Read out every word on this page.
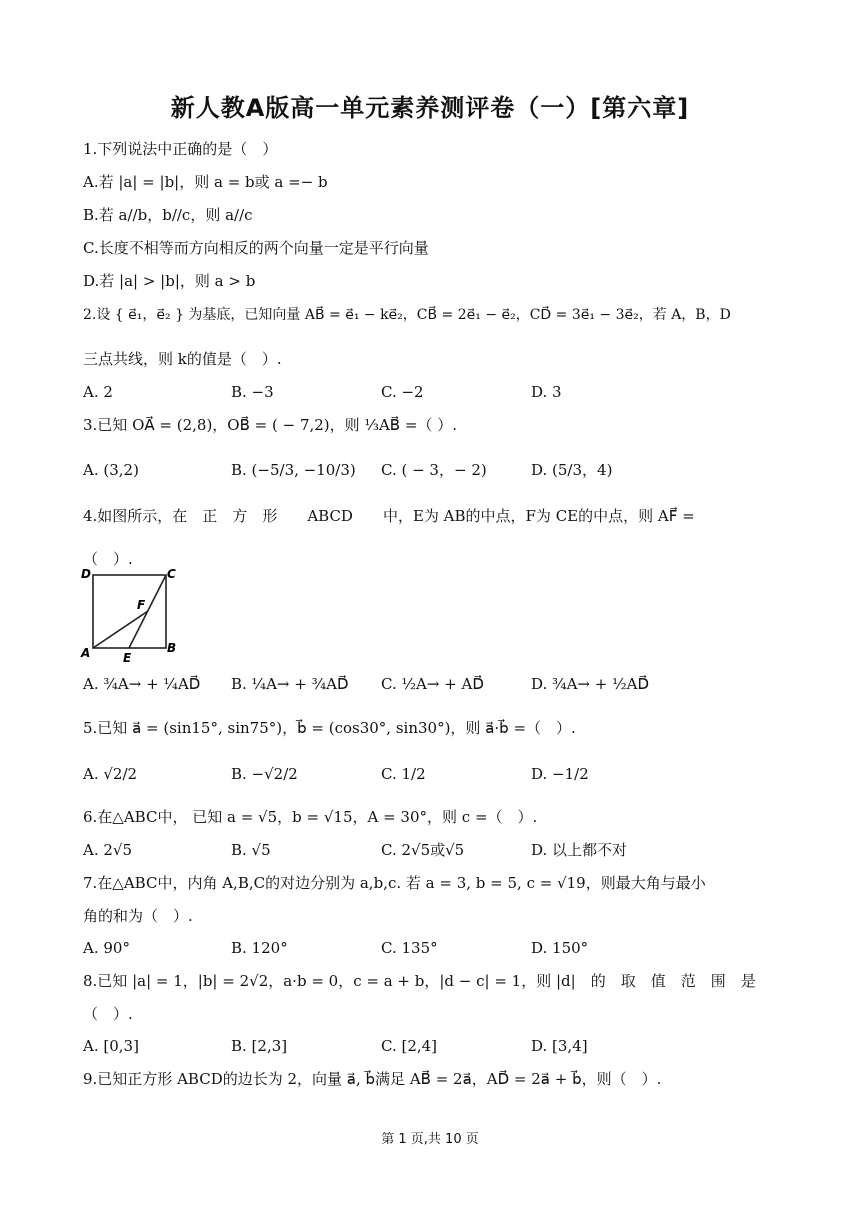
新人教A版高一单元素养测评卷（一）[第六章]
1.下列说法中正确的是（　）
A.若 |a| = |b|，则 a = b或 a =− b
B.若 a//b，b//c，则 a//c
C.长度不相等而方向相反的两个向量一定是平行向量
D.若 |a| > |b|，则 a > b
2.设 { e⃗₁，e⃗₂ } 为基底，已知向量 AB⃗ = e⃗₁ − ke⃗₂，CB⃗ = 2e⃗₁ − e⃗₂，CD⃗ = 3e⃗₁ − 3e⃗₂，若 A，B，D
三点共线，则 k的值是（　）.
A. 2	B. −3	C. −2	D. 3
3.已知 OA⃗ = (2,8)，OB⃗ = ( − 7,2)，则 ⅓AB⃗ =（ ）.
A. (3,2)	B. (−5/3, −10/3) C. ( − 3，− 2)	D. (5/3，4)
4.如图所示，在　正　方　形　　ABCD　　中，E为 AB的中点，F为 CE的中点，则 AF⃗ =
（　）.
D	C
A	B
E
F
A. ¾A→ + ¼AD⃗ B. ¼A→ + ¾AD⃗ C. ½A→ + AD⃗	D. ¾A→ + ½AD⃗
5.已知 a⃗ = (sin15°, sin75°)，b⃗ = (cos30°, sin30°)，则 a⃗·b⃗ =（　）.
A. √2/2	B. −√2/2	C. 1/2	D. −1/2
6.在△ABC中， 已知 a = √5，b = √15，A = 30°，则 c =（　）.
A. 2√5	B. √5	C. 2√5或√5	D. 以上都不对
7.在△ABC中，内角 A,B,C的对边分别为 a,b,c. 若 a = 3, b = 5, c = √19，则最大角与最小
角的和为（　）.
A. 90°	B. 120°	C. 135°	D. 150°
8.已知 |a| = 1，|b| = 2√2，a·b = 0，c = a + b，|d − c| = 1，则 |d|　的　取　值　范　围　是
（　）.
A. [0,3]	B. [2,3]	C. [2,4]	D. [3,4]
9.已知正方形 ABCD的边长为 2，向量 a⃗, b⃗满足 AB⃗ = 2a⃗，AD⃗ = 2a⃗ + b⃗，则（　）.
第 1 页,共 10 页
